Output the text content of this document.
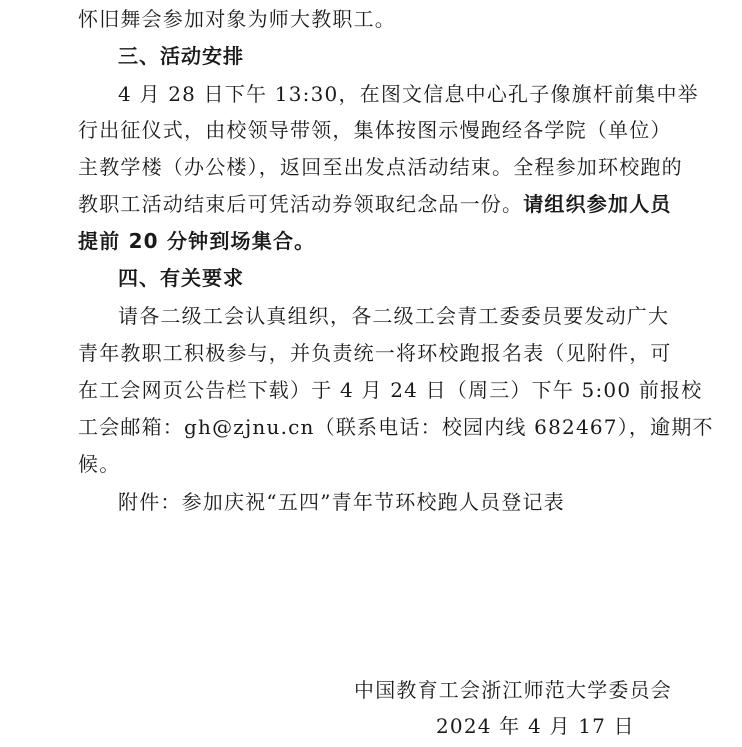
怀旧舞会参加对象为师大教职工。
三、活动安排
4 月 28 日下午 13:30，在图文信息中心孔子像旗杆前集中举
行出征仪式，由校领导带领，集体按图示慢跑经各学院（单位）
主教学楼（办公楼），返回至出发点活动结束。全程参加环校跑的
教职工活动结束后可凭活动券领取纪念品一份。请组织参加人员
提前 20 分钟到场集合。
四、有关要求
请各二级工会认真组织，各二级工会青工委委员要发动广大
青年教职工积极参与，并负责统一将环校跑报名表（见附件，可
在工会网页公告栏下载）于 4 月 24 日（周三）下午 5:00 前报校
工会邮箱：gh@zjnu.cn（联系电话：校园内线 682467），逾期不
候。
附件：参加庆祝“五四”青年节环校跑人员登记表
中国教育工会浙江师范大学委员会
2024 年 4 月 17 日
